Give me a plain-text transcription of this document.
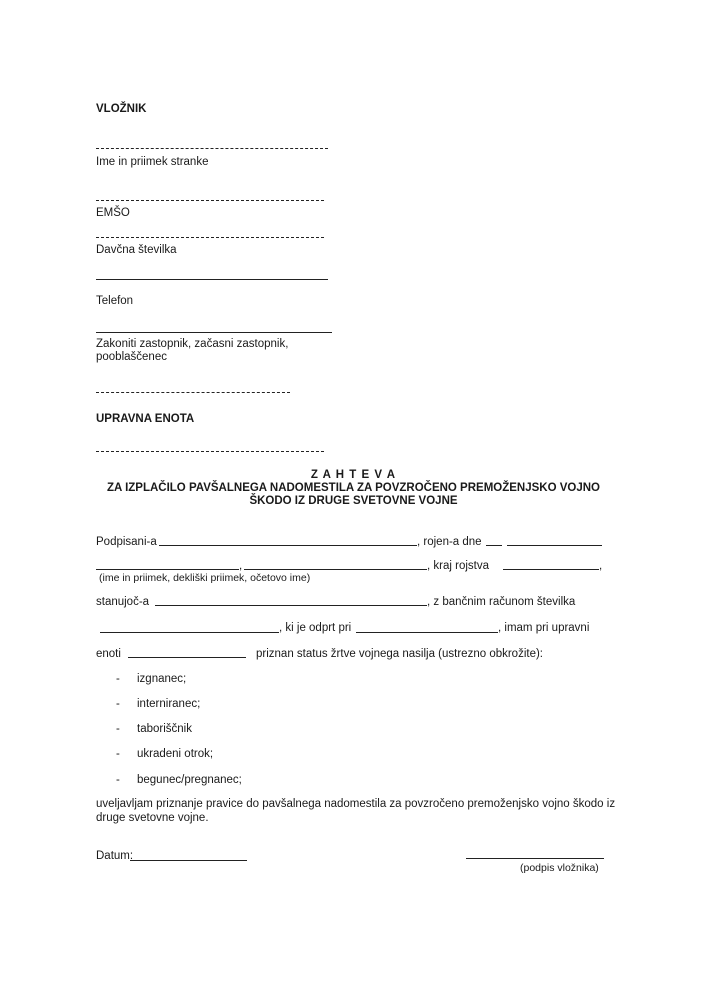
VLOŽNIK
Ime in priimek stranke
EMŠO
Davčna številka
Telefon
Zakoniti zastopnik, začasni zastopnik,
pooblaščenec
UPRAVNA ENOTA
Z A H T E V A
ZA IZPLAČILO PAVŠALNEGA NADOMESTILA ZA POVZROČENO PREMOŽENJSKO VOJNO
ŠKODO IZ DRUGE SVETOVNE VOJNE
Podpisani-a	, rojen-a dne
,	, kraj rojstva	,
(ime in priimek, dekliški priimek, očetovo ime)
stanujoč-a	, z bančnim računom številka
, ki je odprt pri	, imam pri upravni
enoti	priznan status žrtve vojnega nasilja (ustrezno obkrožite):
- izgnanec;
- interniranec;
- taboriščnik
- ukradeni otrok;
- begunec/pregnanec;
uveljavljam priznanje pravice do pavšalnega nadomestila za povzročeno premoženjsko vojno škodo iz
druge svetovne vojne.
Datum:
(podpis vložnika)
